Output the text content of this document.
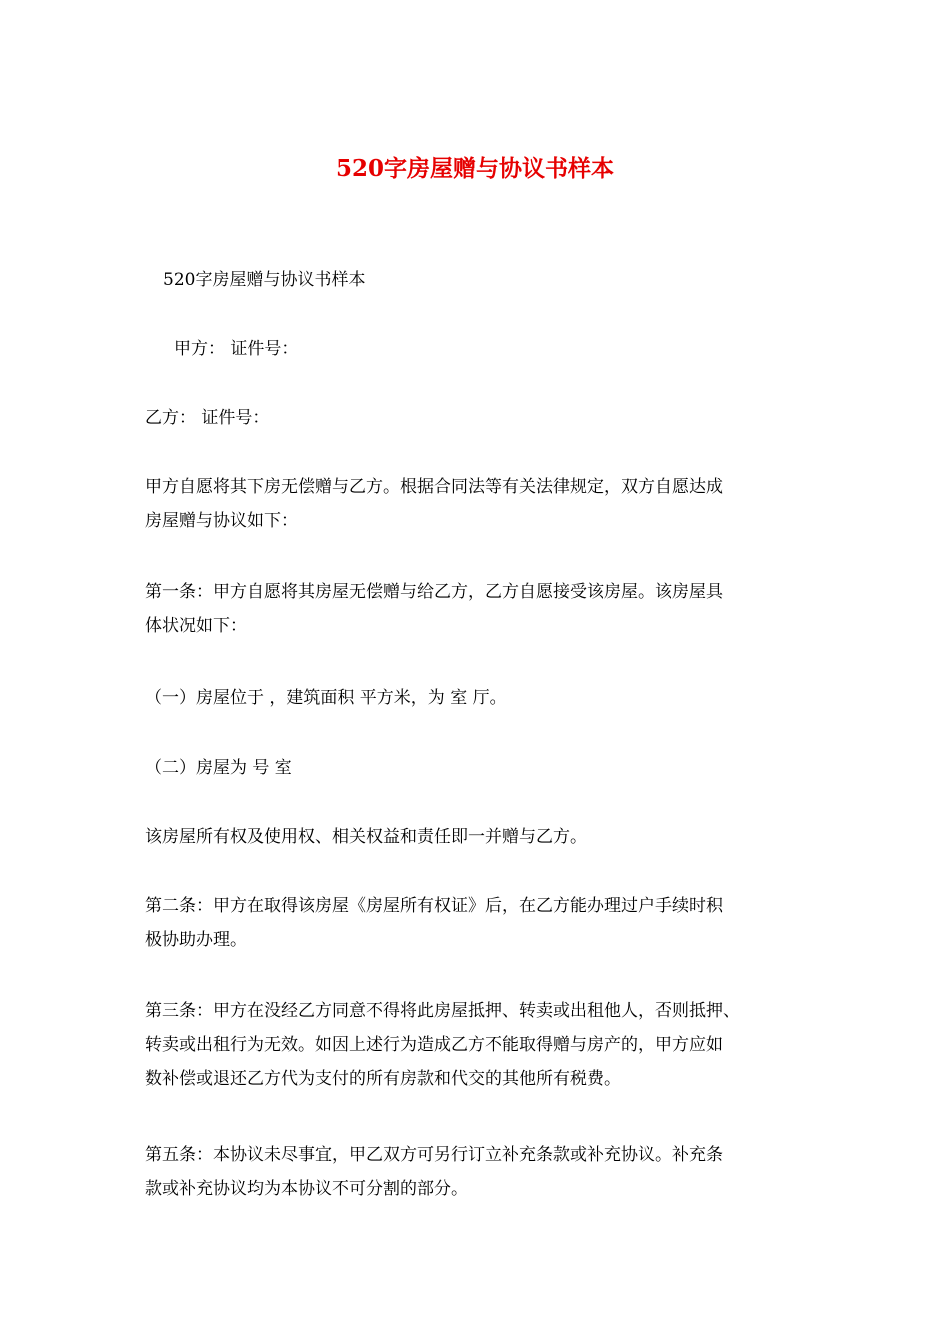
520字房屋赠与协议书样本

520字房屋赠与协议书样本

甲方： 证件号：

乙方： 证件号：

甲方自愿将其下房无偿赠与乙方。根据合同法等有关法律规定，双方自愿达成
房屋赠与协议如下：

第一条：甲方自愿将其房屋无偿赠与给乙方，乙方自愿接受该房屋。该房屋具
体状况如下：

（一）房屋位于 ，建筑面积 平方米，为 室 厅。

（二）房屋为 号 室

该房屋所有权及使用权、相关权益和责任即一并赠与乙方。

第二条：甲方在取得该房屋《房屋所有权证》后，在乙方能办理过户手续时积
极协助办理。

第三条：甲方在没经乙方同意不得将此房屋抵押、转卖或出租他人，否则抵押、
转卖或出租行为无效。如因上述行为造成乙方不能取得赠与房产的，甲方应如
数补偿或退还乙方代为支付的所有房款和代交的其他所有税费。

第五条：本协议未尽事宜，甲乙双方可另行订立补充条款或补充协议。补充条
款或补充协议均为本协议不可分割的部分。
